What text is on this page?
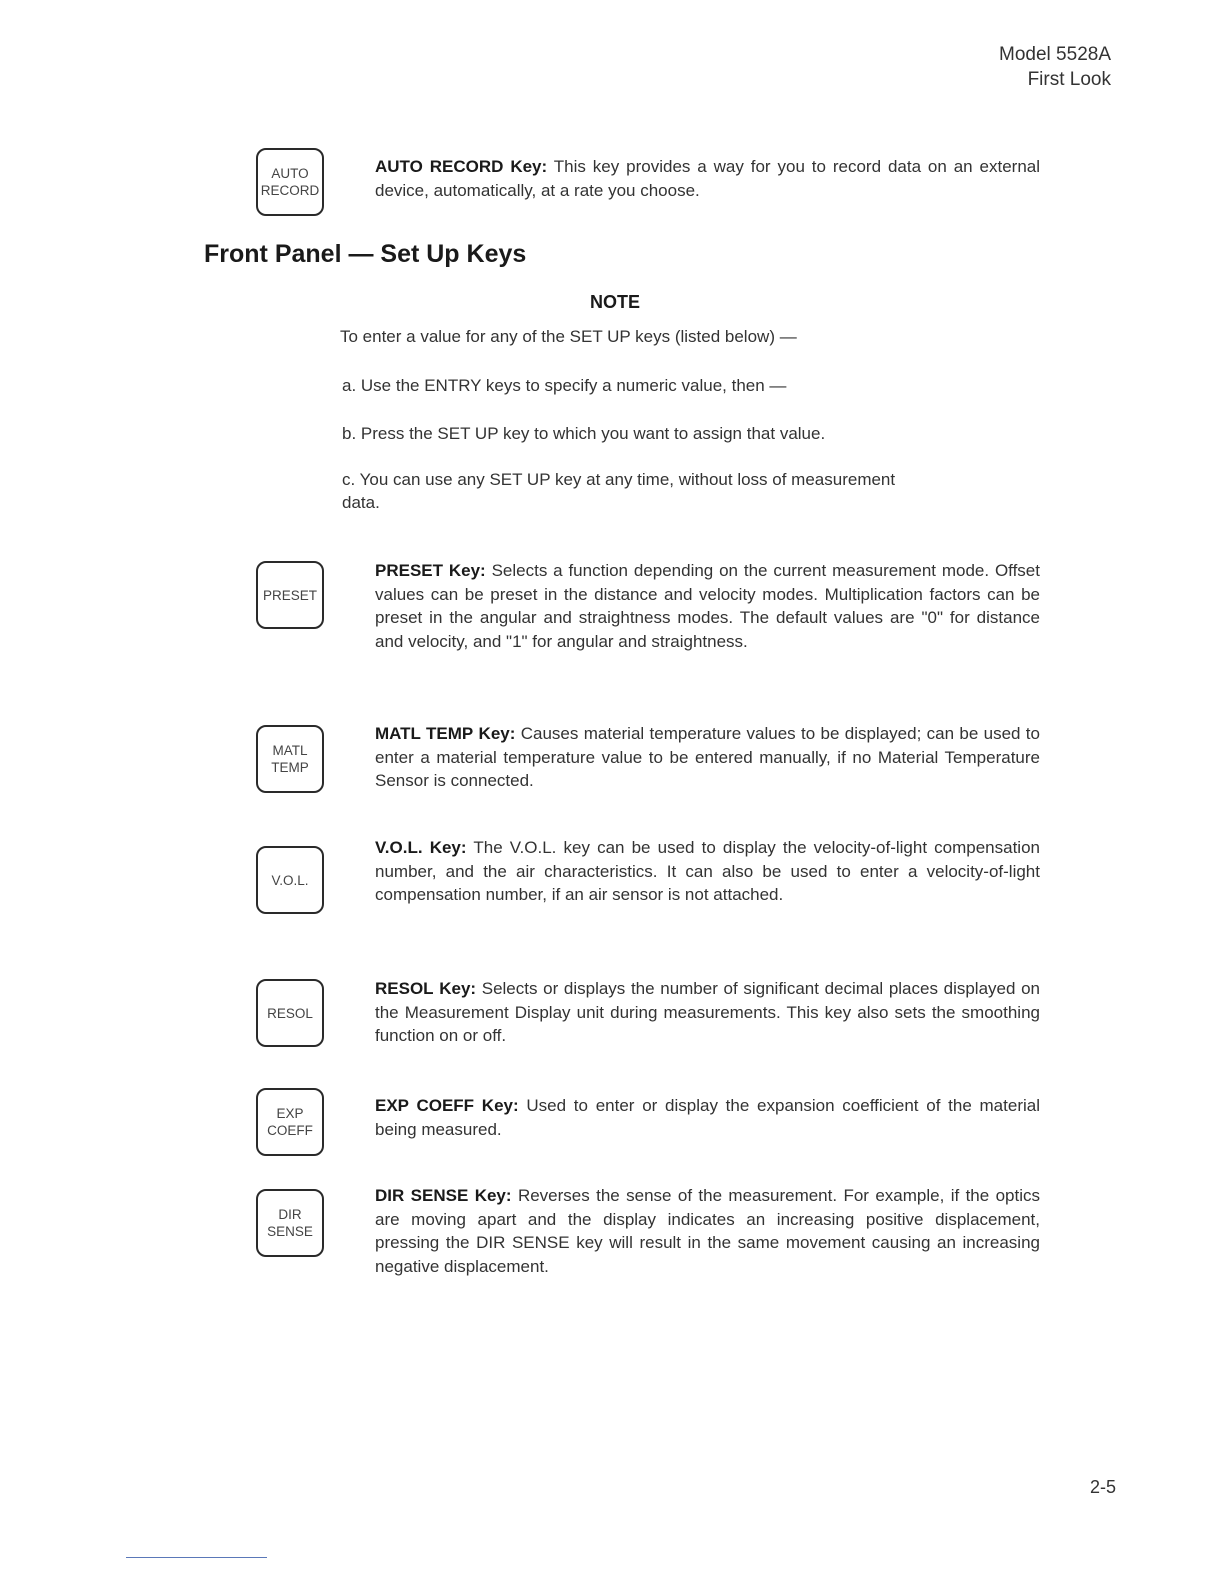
Model 5528A
First Look
AUTO
RECORD
AUTO RECORD Key: This key provides a way for you to record data on an external device, automatically, at a rate you choose.
Front Panel — Set Up Keys
NOTE
To enter a value for any of the SET UP keys (listed below) —
a. Use the ENTRY keys to specify a numeric value, then —
b. Press the SET UP key to which you want to assign that value.
c. You can use any SET UP key at any time, without loss of measurement data.
PRESET
PRESET Key: Selects a function depending on the current measurement mode. Offset values can be preset in the distance and velocity modes. Multiplication factors can be preset in the angular and straightness modes. The default values are "0" for distance and velocity, and "1" for angular and straightness.
MATL
TEMP
MATL TEMP Key: Causes material temperature values to be displayed; can be used to enter a material temperature value to be entered manually, if no Material Temperature Sensor is connected.
V.O.L.
V.O.L. Key: The V.O.L. key can be used to display the velocity-of-light compensation number, and the air characteristics. It can also be used to enter a velocity-of-light compensation number, if an air sensor is not attached.
RESOL
RESOL Key: Selects or displays the number of significant decimal places displayed on the Measurement Display unit during measurements. This key also sets the smoothing function on or off.
EXP
COEFF
EXP COEFF Key: Used to enter or display the expansion coefficient of the material being measured.
DIR
SENSE
DIR SENSE Key: Reverses the sense of the measurement. For example, if the optics are moving apart and the display indicates an increasing positive displacement, pressing the DIR SENSE key will result in the same movement causing an increasing negative displacement.
2-5
